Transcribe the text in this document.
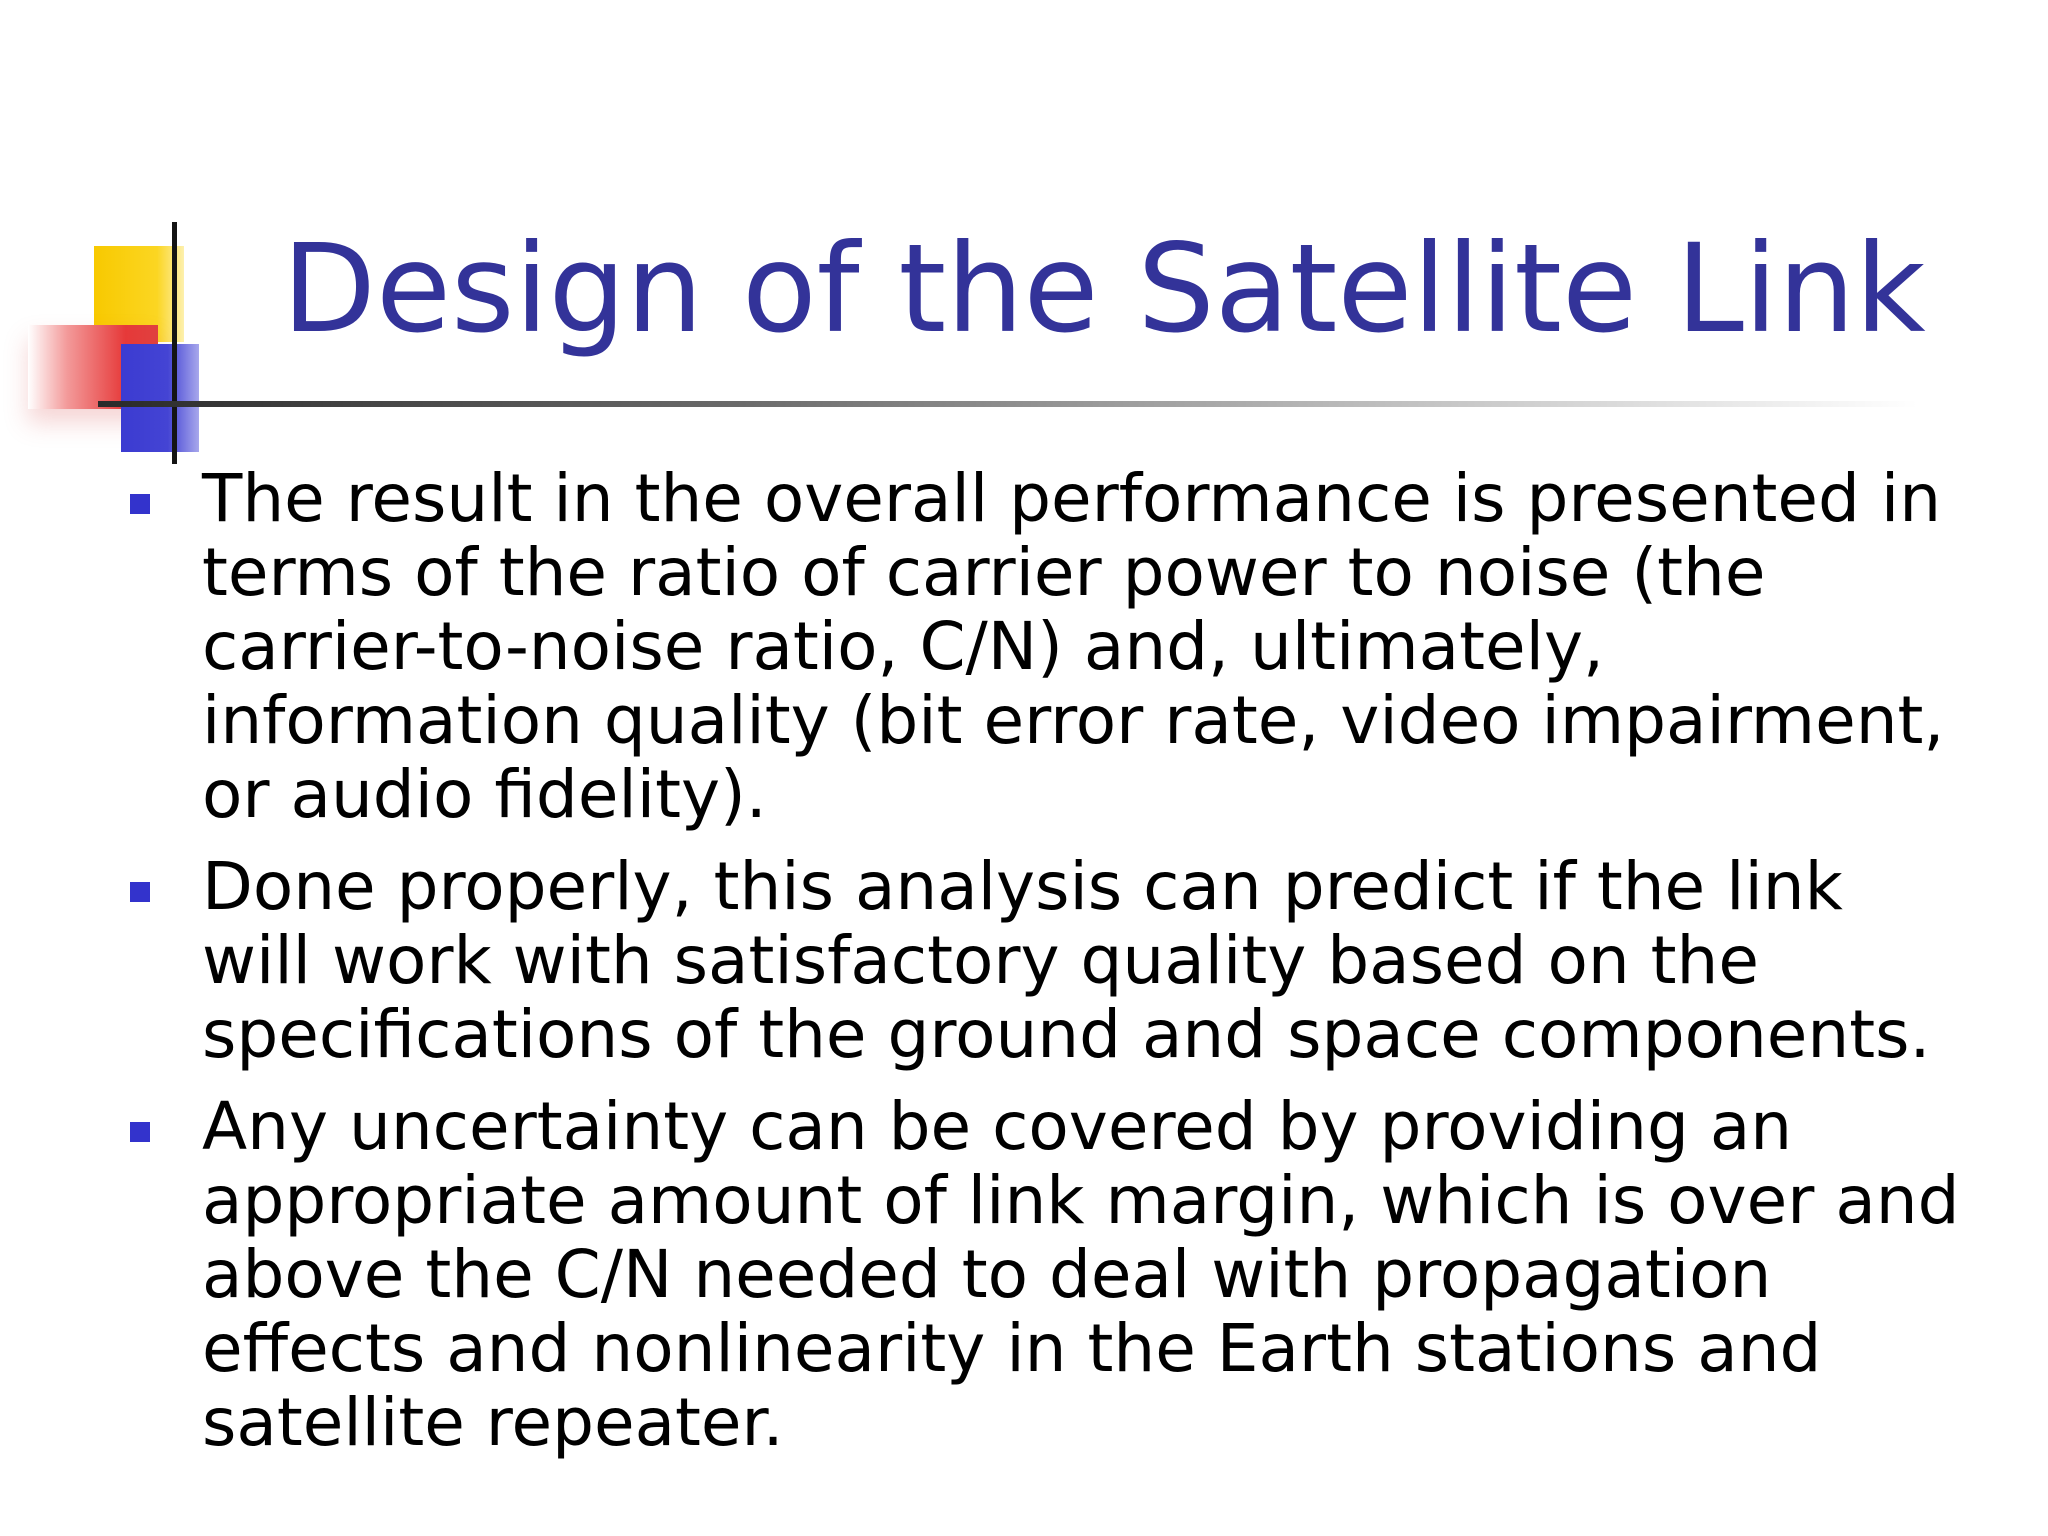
Design of the Satellite Link
The result in the overall performance is presented in terms of the ratio of carrier power to noise (the carrier-to-noise ratio, C/N) and, ultimately, information quality (bit error rate, video impairment, or audio fidelity).
Done properly, this analysis can predict if the link will work with satisfactory quality based on the specifications of the ground and space components.
Any uncertainty can be covered by providing an appropriate amount of link margin, which is over and above the C/N needed to deal with propagation effects and nonlinearity in the Earth stations and satellite repeater.
